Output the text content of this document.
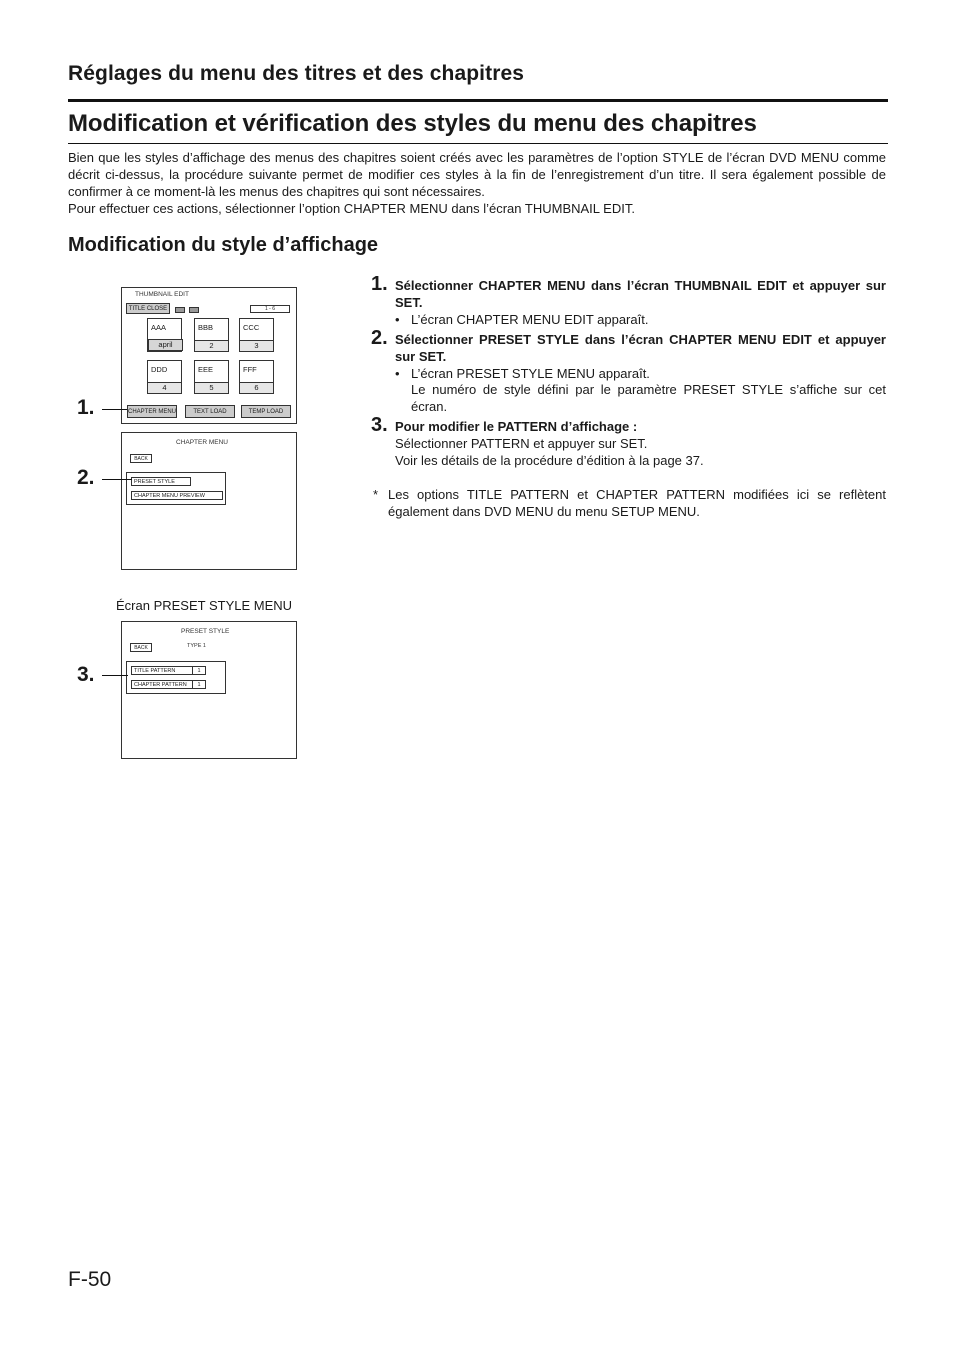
Réglages du menu des titres et des chapitres
Modification et vérification des styles du menu des chapitres
Bien que les styles d’affichage des menus des chapitres soient créés avec les paramètres de l’option STYLE de l’écran DVD MENU comme décrit ci-dessus, la procédure suivante permet de modifier ces styles à la fin de l’enregistrement d’un titre. Il sera également possible de confirmer à ce moment-là les menus des chapitres qui sont nécessaires.
Pour effectuer ces actions, sélectionner l’option CHAPTER MENU dans l’écran THUMBNAIL EDIT.
Modification du style d’affichage
THUMBNAIL EDIT
TITLE CLOSE	1 - 6
AAA
april
BBB
2
CCC
3
DDD
4
EEE
5
FFF
6
CHAPTER MENU	TEXT LOAD	TEMP LOAD
CHAPTER MENU
BACK
PRESET STYLE
CHAPTER MENU PREVIEW
Écran PRESET STYLE MENU
PRESET STYLE
BACK	TYPE 1
TITLE PATTERN	1
CHAPTER PATTERN	1
1.
2.
3.
1. Sélectionner CHAPTER MENU dans l’écran THUMBNAIL EDIT et appuyer sur SET.
• L’écran CHAPTER MENU EDIT apparaît.
2. Sélectionner PRESET STYLE dans l’écran CHAPTER MENU EDIT et appuyer sur SET.
• L’écran PRESET STYLE MENU apparaît.
Le numéro de style défini par le paramètre PRESET STYLE s’affiche sur cet écran.
3. Pour modifier le PATTERN d’affichage :
Sélectionner PATTERN et appuyer sur SET.
Voir les détails de la procédure d’édition à la page 37.
* Les options TITLE PATTERN et CHAPTER PATTERN modifiées ici se reflètent également dans DVD MENU du menu SETUP MENU.
F-50
